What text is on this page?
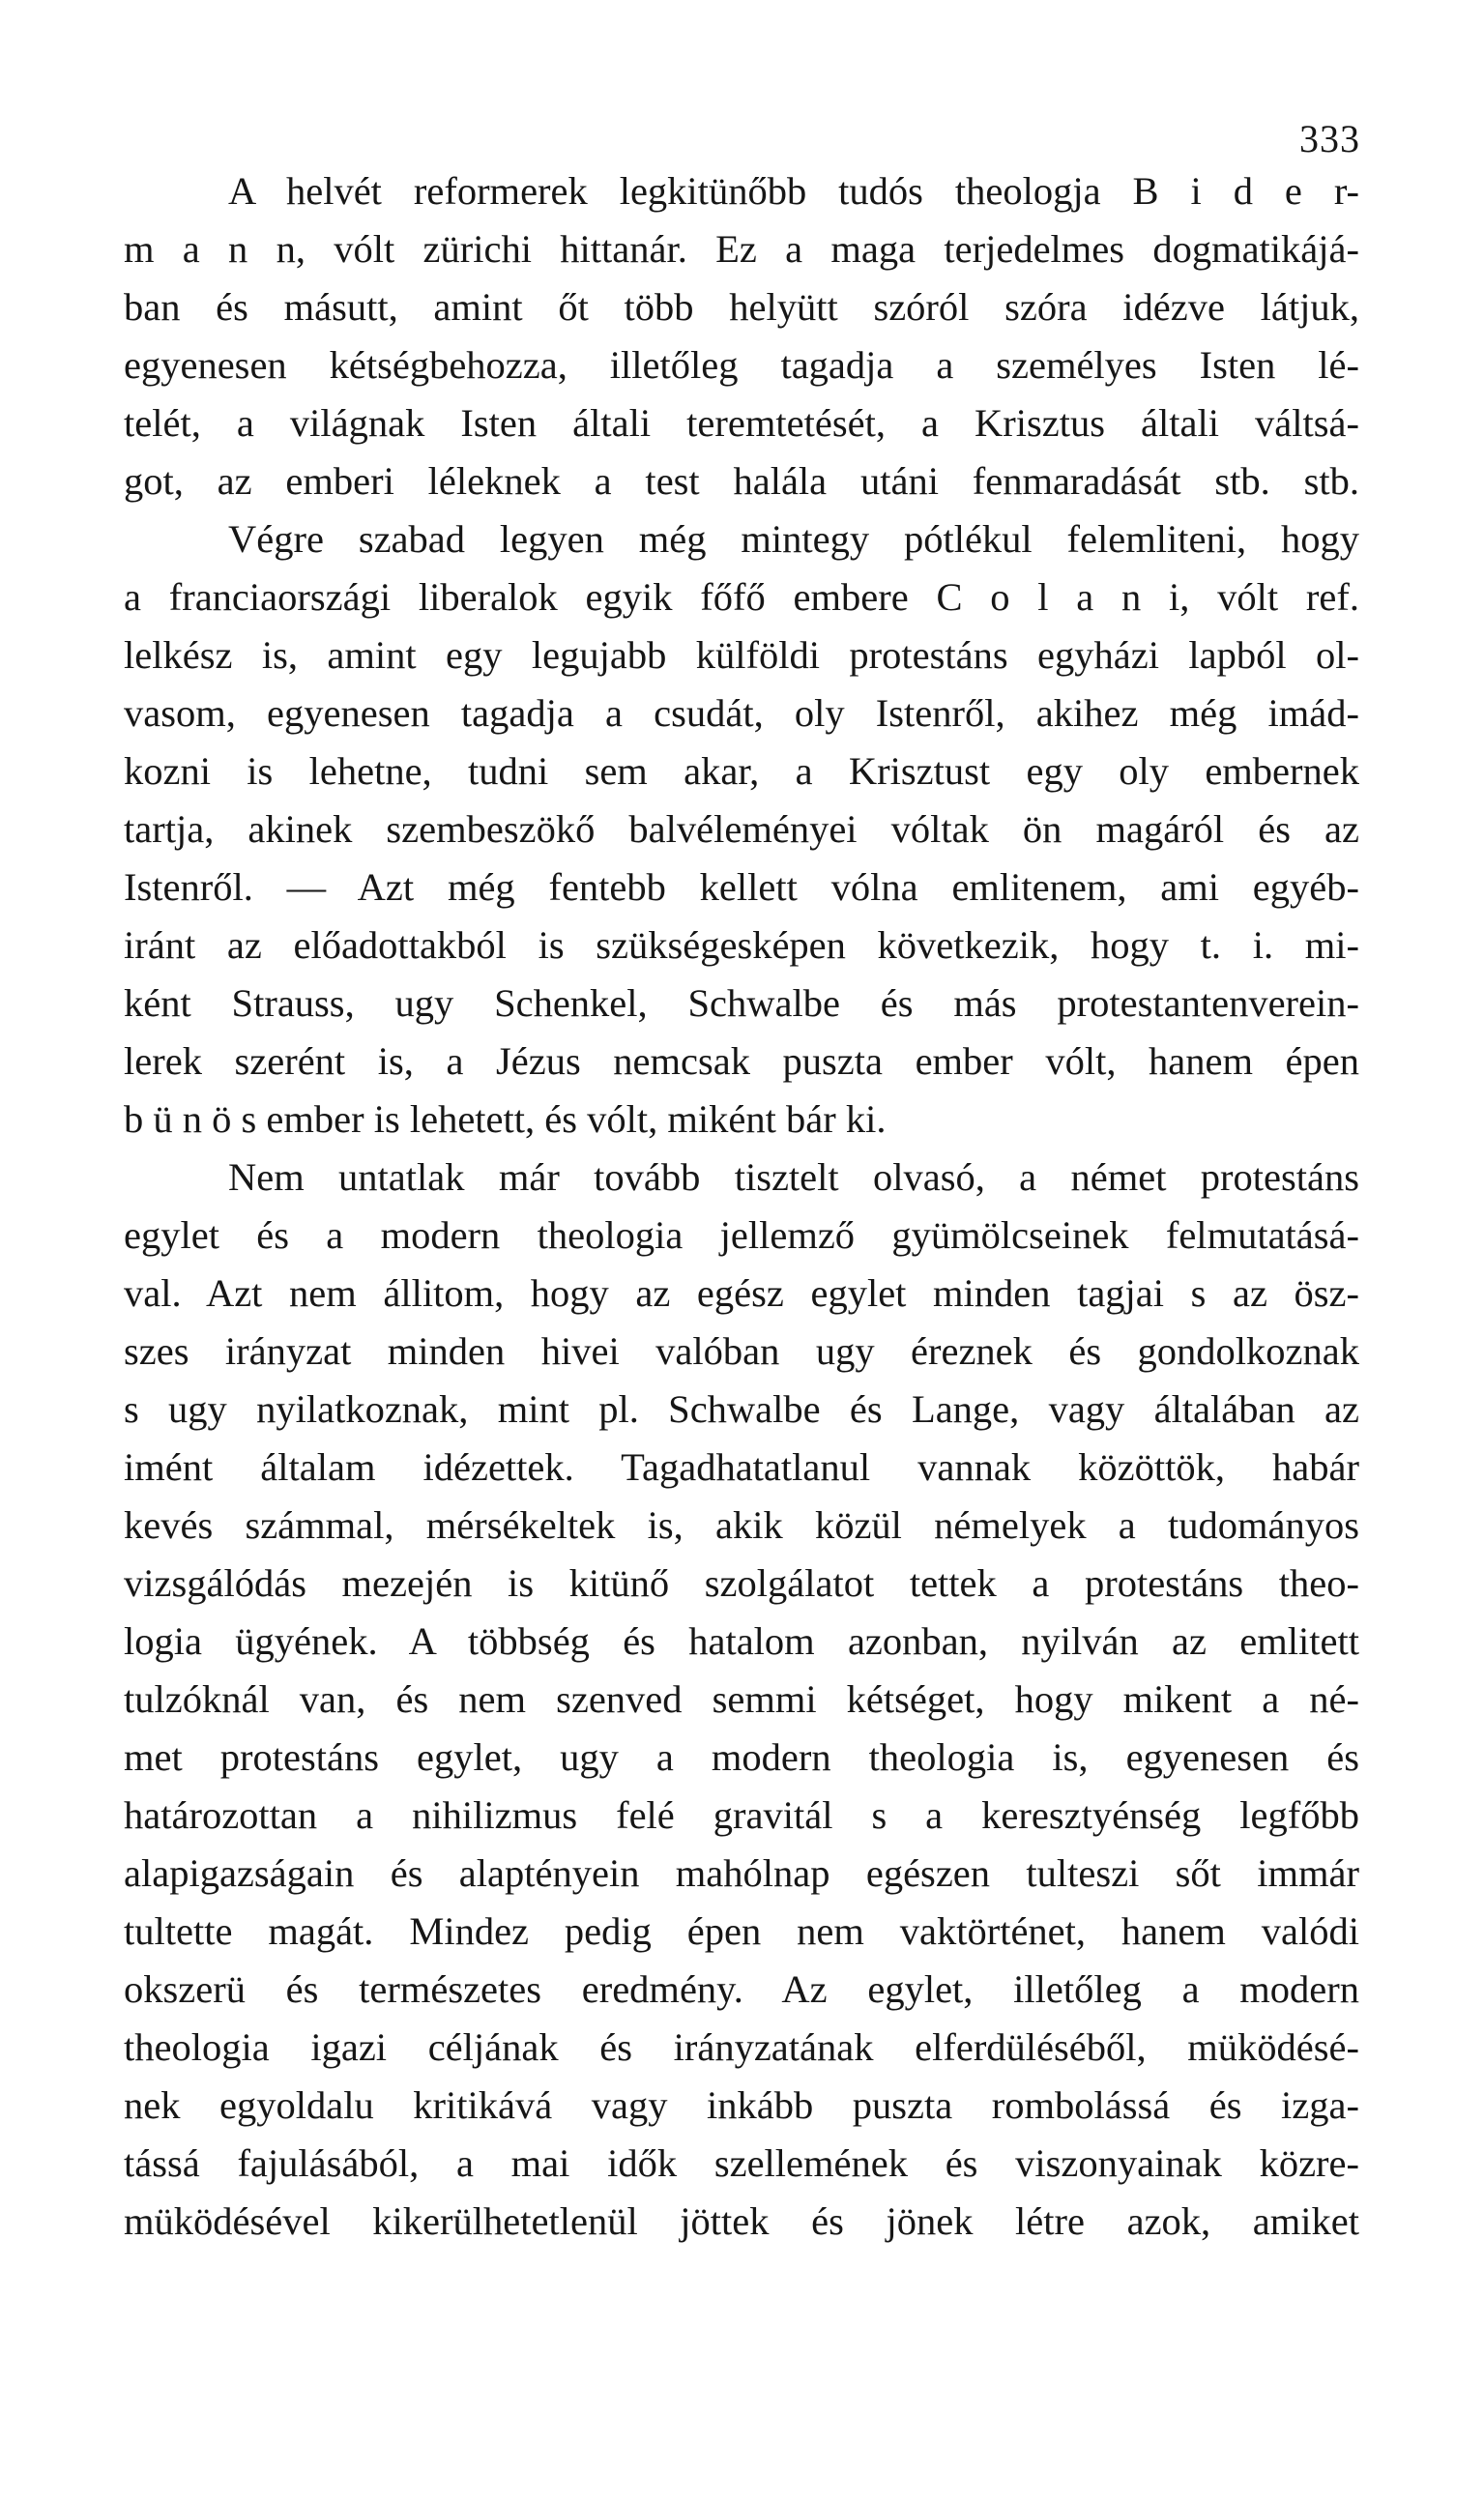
333
A helvét reformerek legkitünőbb tudós theologja B i d e r-
m a n n, vólt zürichi hittanár. Ez a maga terjedelmes dogmatikájá-
ban és másutt, amint őt több helyütt szóról szóra idézve látjuk,
egyenesen kétségbehozza, illetőleg tagadja a személyes Isten lé-
telét, a világnak Isten általi teremtetését, a Krisztus általi váltsá-
got, az emberi léleknek a test halála utáni fenmaradását stb. stb.
Végre szabad legyen még mintegy pótlékul felemliteni, hogy
a franciaországi liberalok egyik főfő embere C o l a n i, vólt ref.
lelkész is, amint egy legujabb külföldi protestáns egyházi lapból ol-
vasom, egyenesen tagadja a csudát, oly Istenről, akihez még imád-
kozni is lehetne, tudni sem akar, a Krisztust egy oly embernek
tartja, akinek szembeszökő balvéleményei vóltak ön magáról és az
Istenről. — Azt még fentebb kellett vólna emlitenem, ami egyéb-
iránt az előadottakból is szükségesképen következik, hogy t. i. mi-
ként Strauss, ugy Schenkel, Schwalbe és más protestantenverein-
lerek szerént is, a Jézus nemcsak puszta ember vólt, hanem épen
b ü n ö s ember is lehetett, és vólt, miként bár ki.
Nem untatlak már tovább tisztelt olvasó, a német protestáns
egylet és a modern theologia jellemző gyümölcseinek felmutatásá-
val. Azt nem állitom, hogy az egész egylet minden tagjai s az ösz-
szes irányzat minden hivei valóban ugy éreznek és gondolkoznak
s ugy nyilatkoznak, mint pl. Schwalbe és Lange, vagy általában az
imént általam idézettek. Tagadhatatlanul vannak közöttök, habár
kevés számmal, mérsékeltek is, akik közül némelyek a tudományos
vizsgálódás mezején is kitünő szolgálatot tettek a protestáns theo-
logia ügyének. A többség és hatalom azonban, nyilván az emlitett
tulzóknál van, és nem szenved semmi kétséget, hogy mikent a né-
met protestáns egylet, ugy a modern theologia is, egyenesen és
határozottan a nihilizmus felé gravitál s a keresztyénség legfőbb
alapigazságain és alaptényein mahólnap egészen tulteszi sőt immár
tultette magát. Mindez pedig épen nem vaktörténet, hanem valódi
okszerü és természetes eredmény. Az egylet, illetőleg a modern
theologia igazi céljának és irányzatának elferdüléséből, müködésé-
nek egyoldalu kritikává vagy inkább puszta rombolássá és izga-
tássá fajulásából, a mai idők szellemének és viszonyainak közre-
müködésével kikerülhetetlenül jöttek és jönek létre azok, amiket
